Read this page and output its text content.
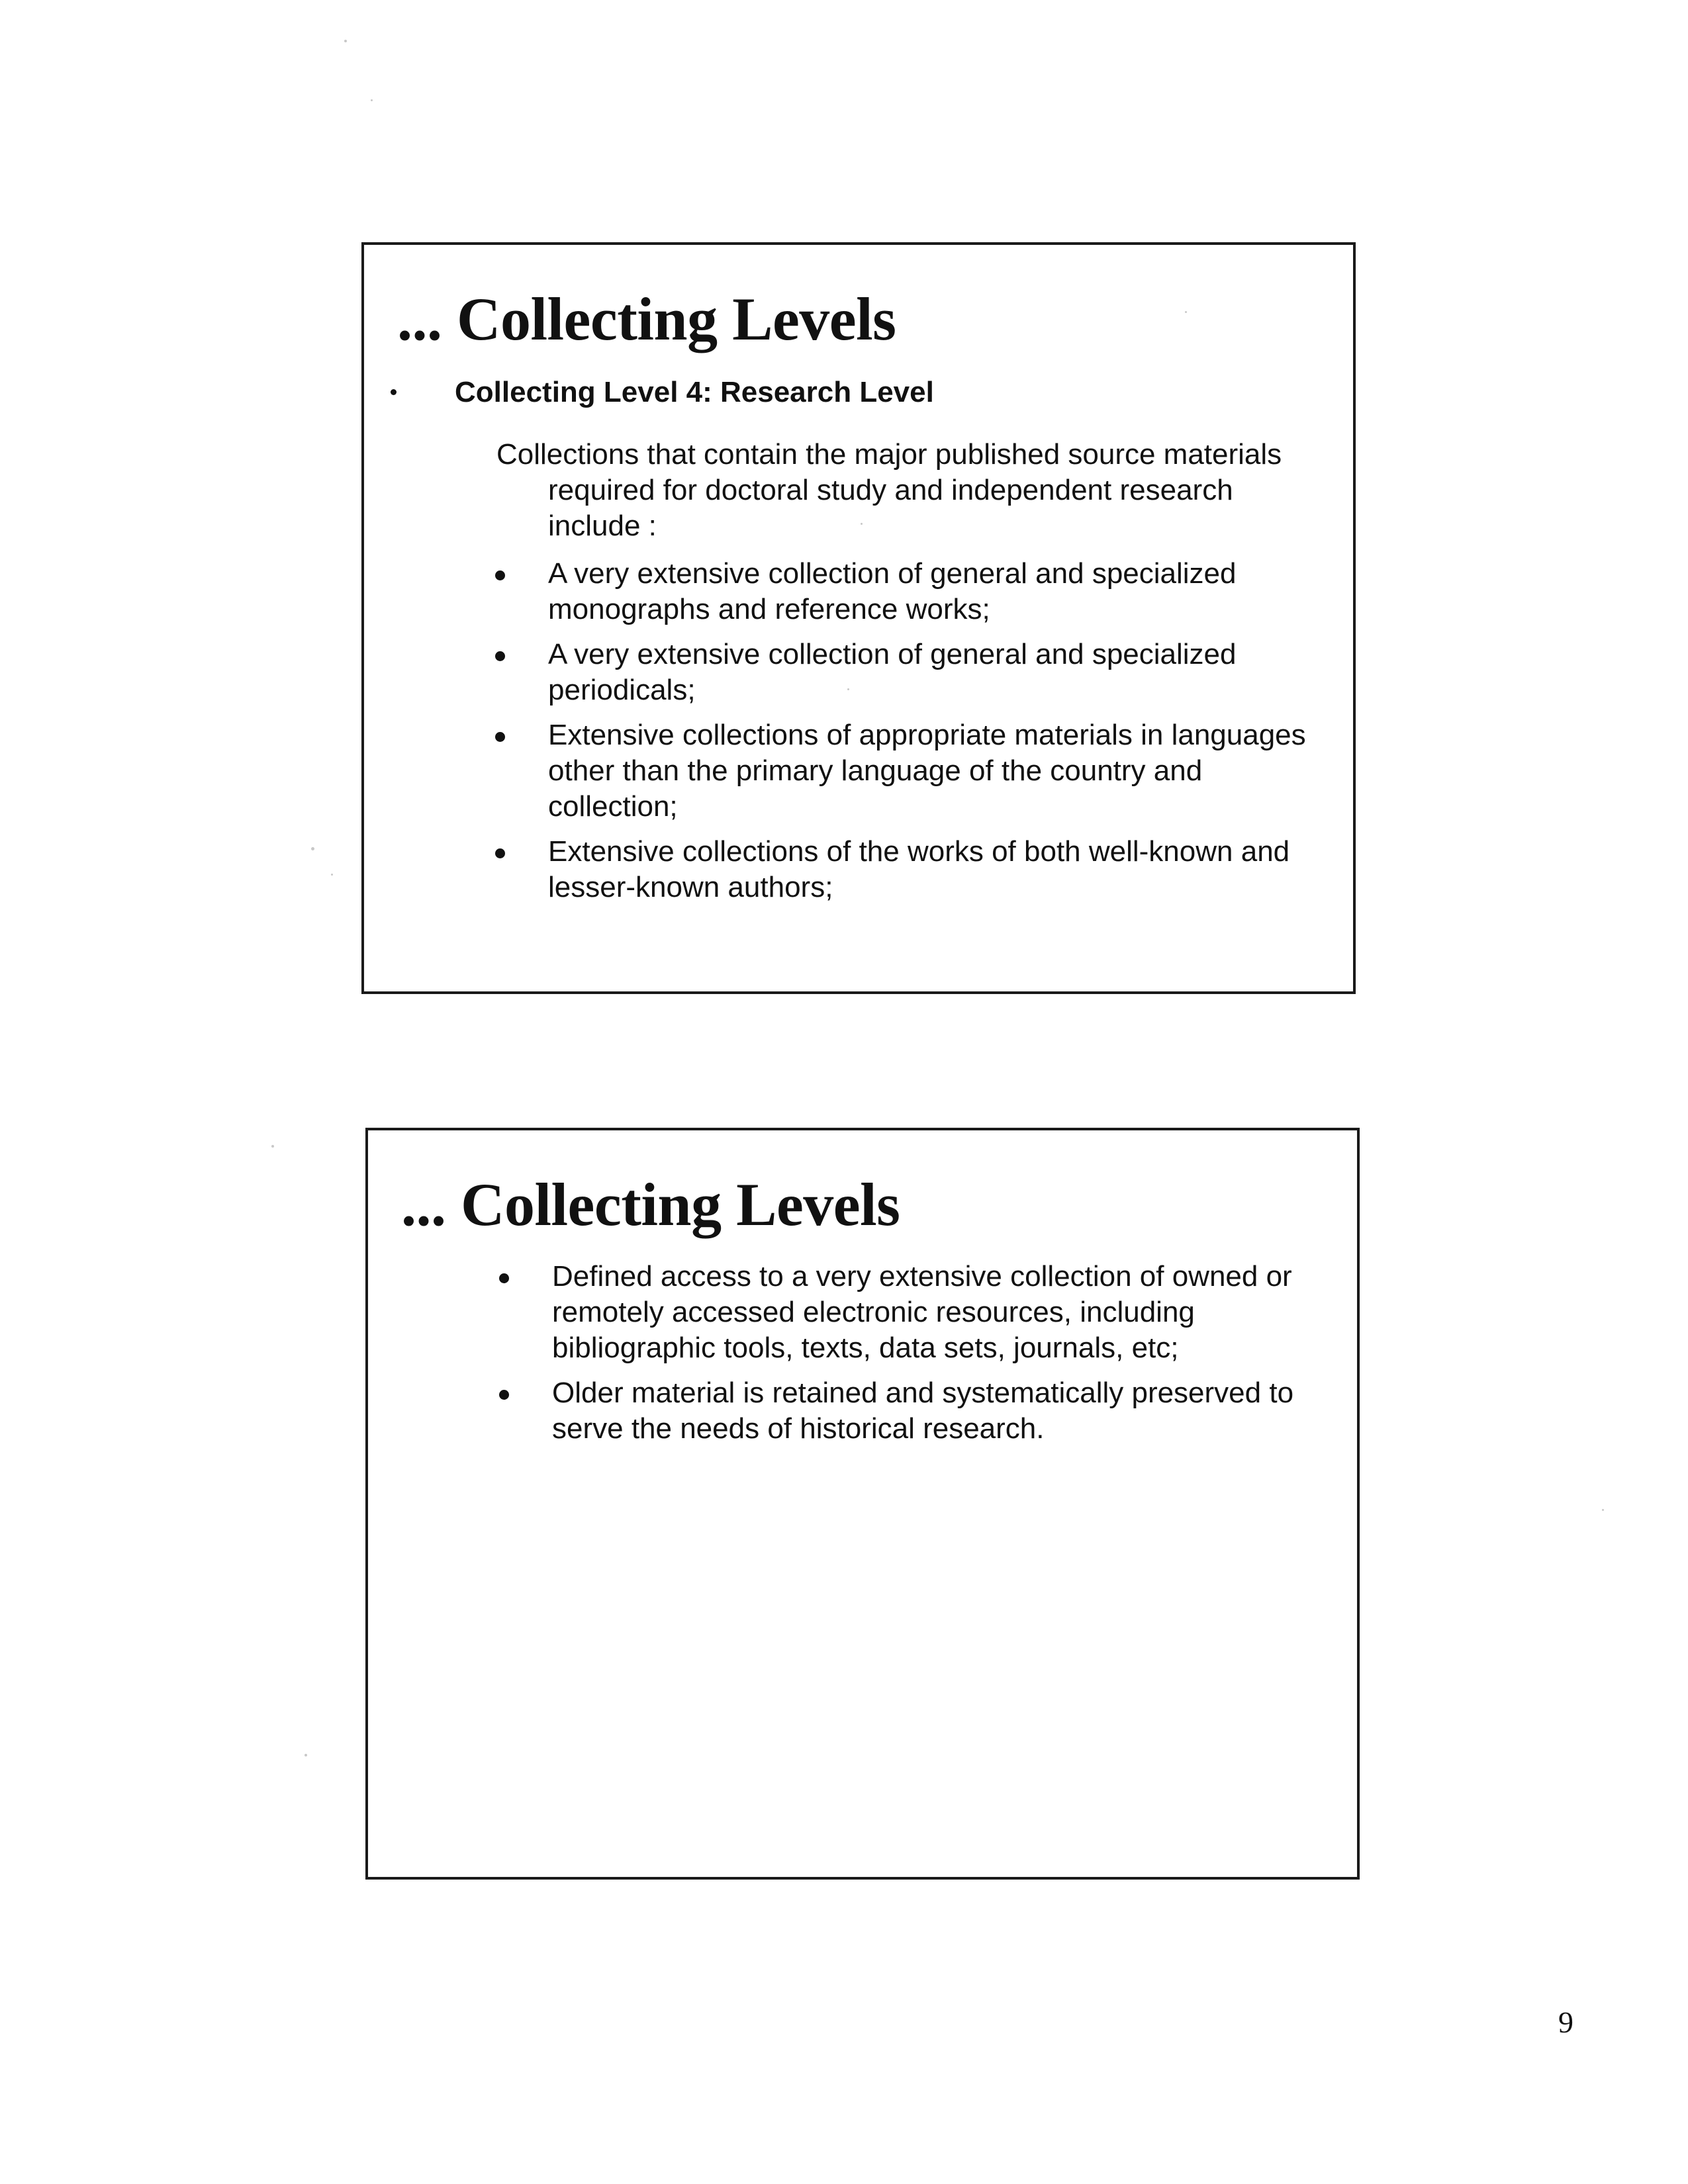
... Collecting Levels
Collecting Level 4: Research Level
Collections that contain the major published source materials required for doctoral study and independent research include :
A very extensive collection of general and specialized monographs and reference works;
A very extensive collection of general and specialized periodicals;
Extensive collections of appropriate materials in languages other than the primary language of the country and collection;
Extensive collections of the works of both well-known and lesser-known authors;
... Collecting Levels
Defined access to a very extensive collection of owned or remotely accessed electronic resources, including bibliographic tools, texts, data sets, journals, etc;
Older material is retained and systematically preserved to serve the needs of historical research.
9
